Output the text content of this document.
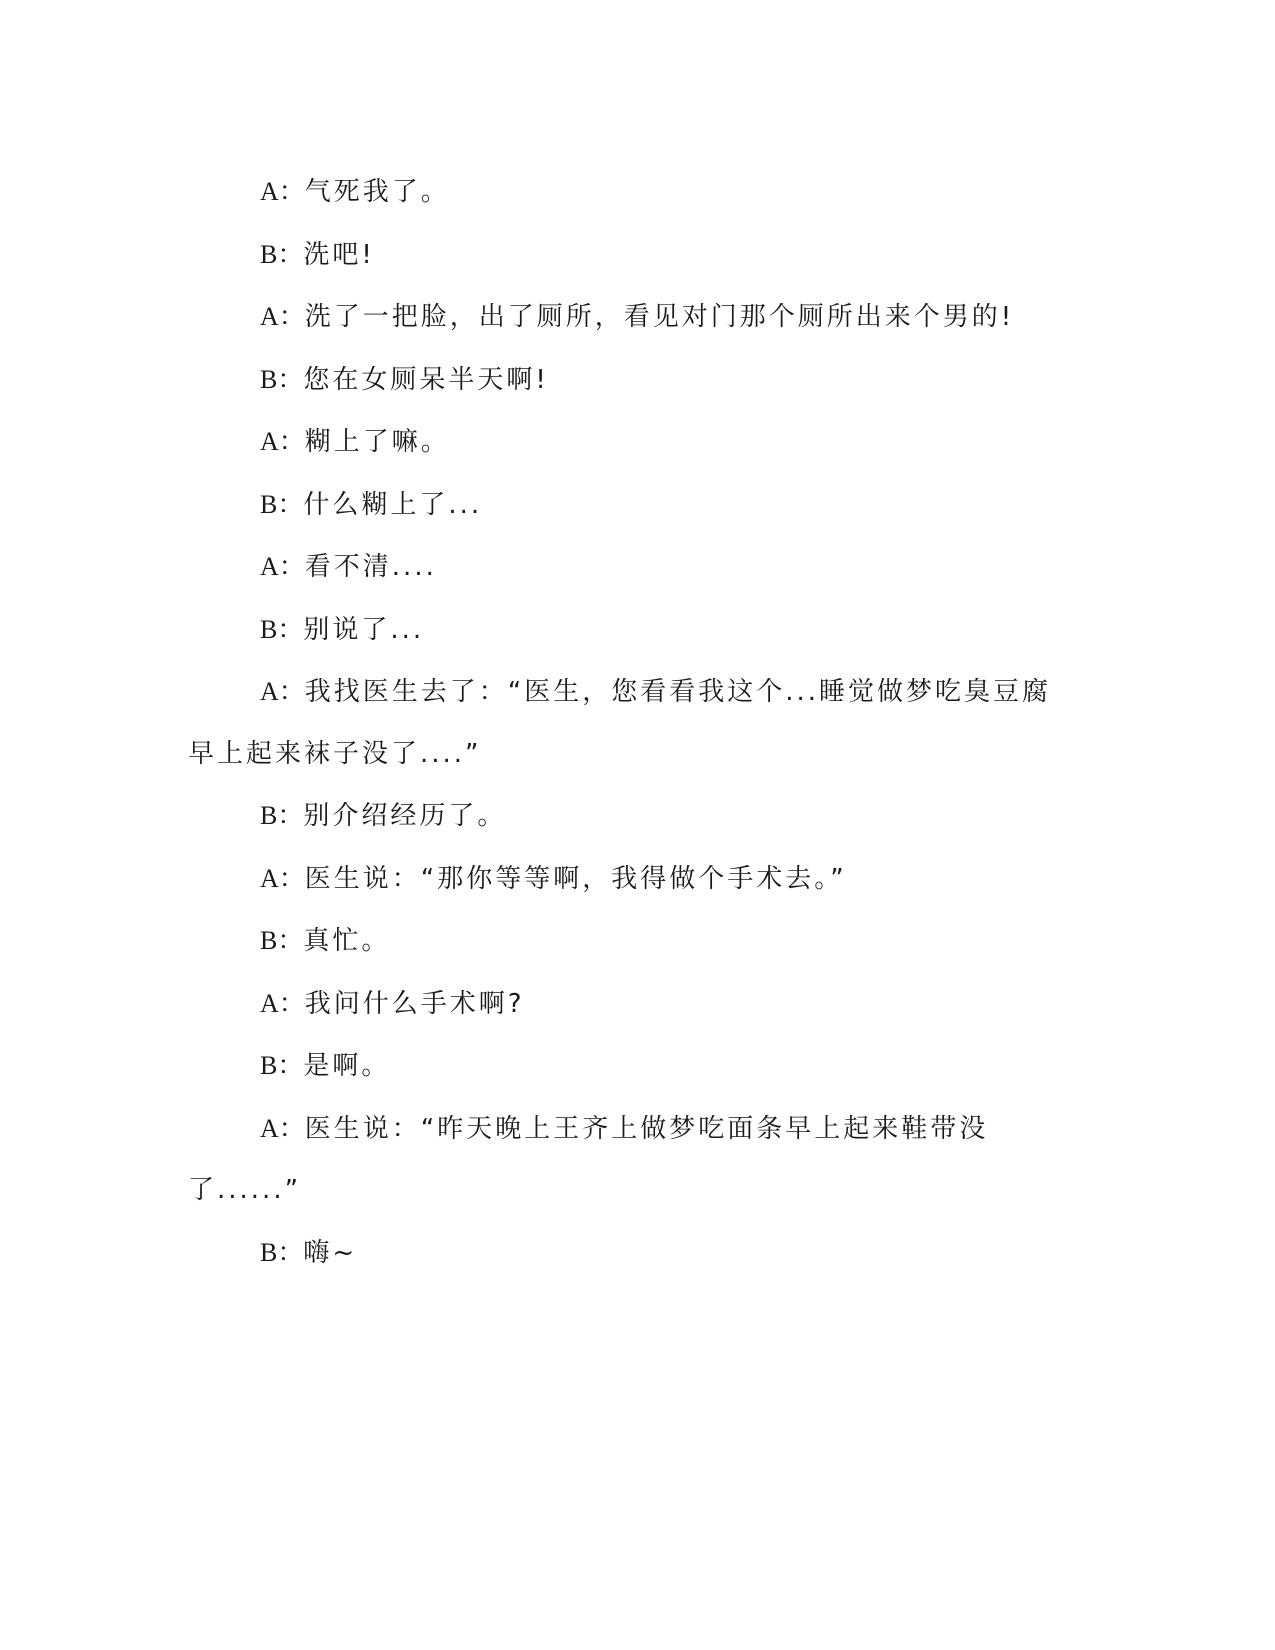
A：气死我了。
B：洗吧!
A：洗了一把脸，出了厕所，看见对门那个厕所出来个男的!
B：您在女厕呆半天啊!
A：糊上了嘛。
B：什么糊上了...
A：看不清....
B：别说了...
A：我找医生去了：“医生，您看看我这个...睡觉做梦吃臭豆腐早上起来袜子没了....”
B：别介绍经历了。
A：医生说：“那你等等啊，我得做个手术去。”
B：真忙。
A：我问什么手术啊?
B：是啊。
A：医生说：“昨天晚上王齐上做梦吃面条早上起来鞋带没了......”
B：嗨~
